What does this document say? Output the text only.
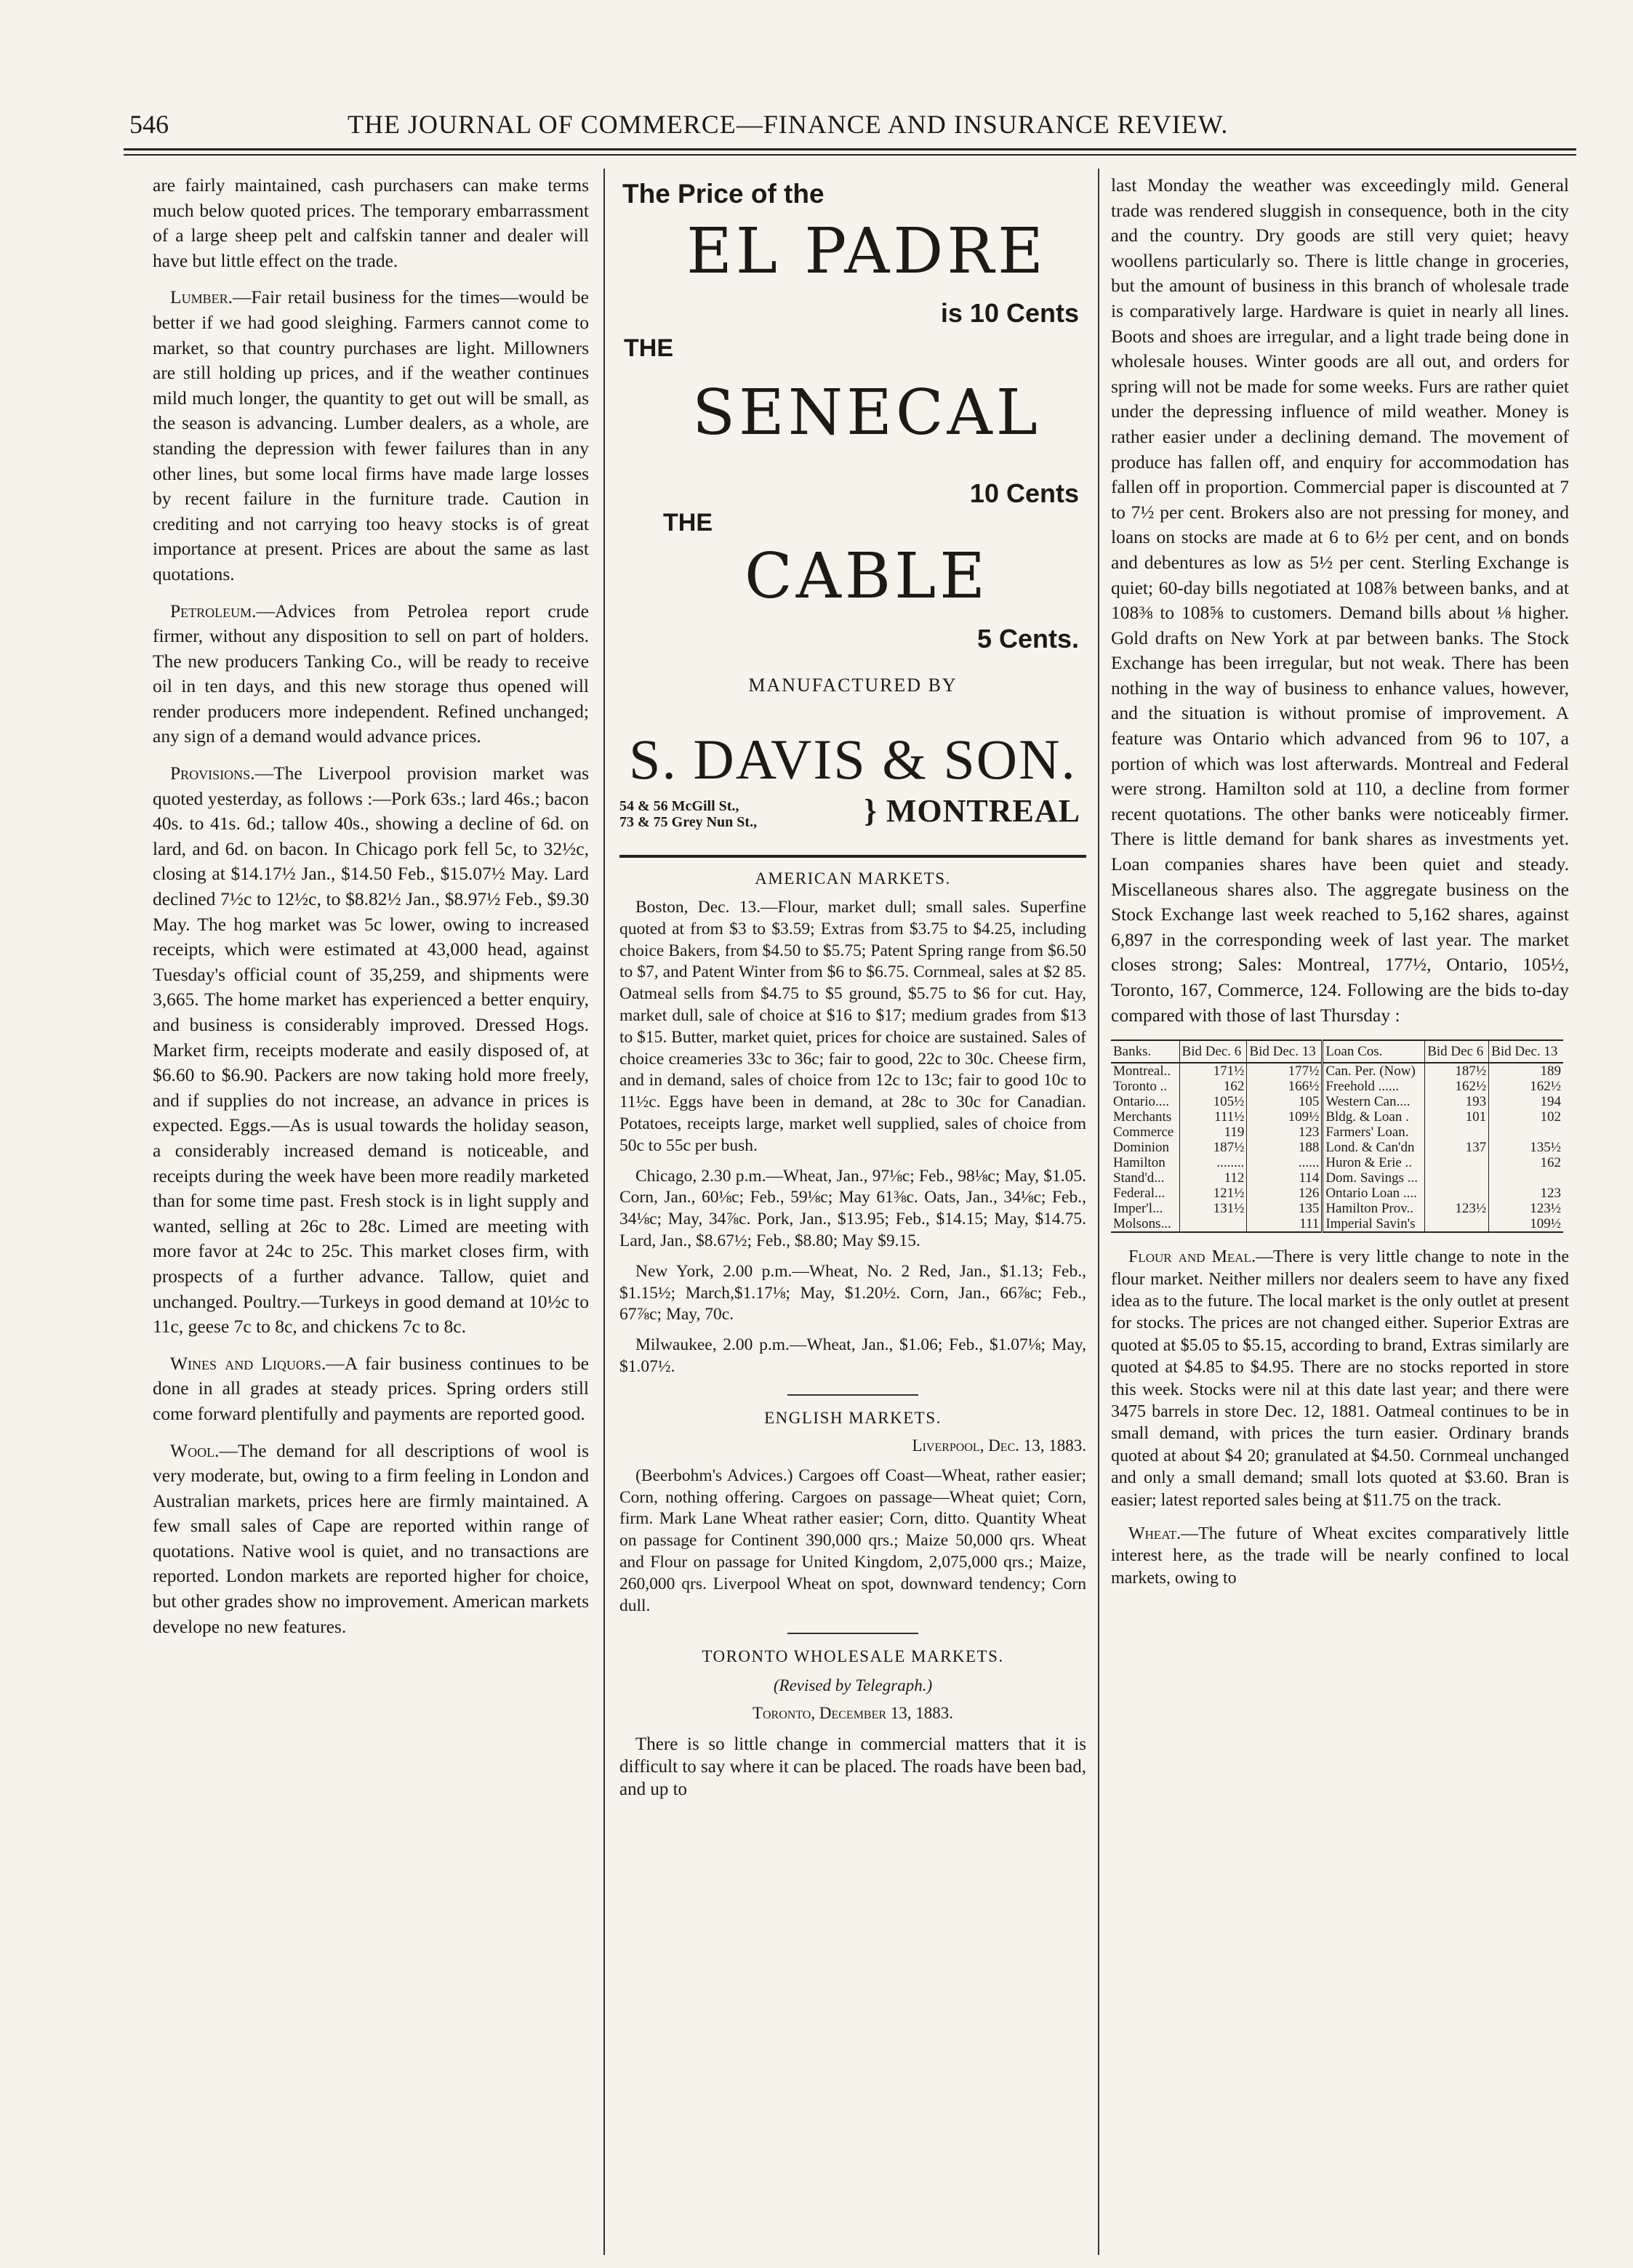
546	THE JOURNAL OF COMMERCE—FINANCE AND INSURANCE REVIEW.

are fairly maintained, cash purchasers can make terms much below quoted prices. The temporary embarrassment of a large sheep pelt and calfskin tanner and dealer will have but little effect on the trade.

Lumber.—Fair retail business for the times—would be better if we had good sleighing. Farmers cannot come to market, so that country purchases are light. Millowners are still holding up prices, and if the weather continues mild much longer, the quantity to get out will be small, as the season is advancing. Lumber dealers, as a whole, are standing the depression with fewer failures than in any other lines, but some local firms have made large losses by recent failure in the furniture trade. Caution in crediting and not carrying too heavy stocks is of great importance at present. Prices are about the same as last quotations.

Petroleum.—Advices from Petrolea report crude firmer, without any disposition to sell on part of holders. The new producers Tanking Co., will be ready to receive oil in ten days, and this new storage thus opened will render producers more independent. Refined unchanged; any sign of a demand would advance prices.

Provisions.—The Liverpool provision market was quoted yesterday, as follows :—Pork 63s.; lard 46s.; bacon 40s. to 41s. 6d.; tallow 40s., showing a decline of 6d. on lard, and 6d. on bacon. In Chicago pork fell 5c, to 32½c, closing at $14.17½ Jan., $14.50 Feb., $15.07½ May. Lard declined 7½c to 12½c, to $8.82½ Jan., $8.97½ Feb., $9.30 May. The hog market was 5c lower, owing to increased receipts, which were estimated at 43,000 head, against Tuesday's official count of 35,259, and shipments were 3,665. The home market has experienced a better enquiry, and business is considerably improved. Dressed Hogs. Market firm, receipts moderate and easily disposed of, at $6.60 to $6.90. Packers are now taking hold more freely, and if supplies do not increase, an advance in prices is expected. Eggs.—As is usual towards the holiday season, a considerably increased demand is noticeable, and receipts during the week have been more readily marketed than for some time past. Fresh stock is in light supply and wanted, selling at 26c to 28c. Limed are meeting with more favor at 24c to 25c. This market closes firm, with prospects of a further advance. Tallow, quiet and unchanged. Poultry.—Turkeys in good demand at 10½c to 11c, geese 7c to 8c, and chickens 7c to 8c.

Wines and Liquors.—A fair business continues to be done in all grades at steady prices. Spring orders still come forward plentifully and payments are reported good.

Wool.—The demand for all descriptions of wool is very moderate, but, owing to a firm feeling in London and Australian markets, prices here are firmly maintained. A few small sales of Cape are reported within range of quotations. Native wool is quiet, and no transactions are reported. London markets are reported higher for choice, but other grades show no improvement. American markets develope no new features.

The Price of the
EL PADRE
is 10 Cents
THE
SENECAL
10 Cents
THE
CABLE
5 Cents.
MANUFACTURED BY
S. DAVIS & SON.
54 & 56 McGill St.,
73 & 75 Grey Nun St.,	} MONTREAL
AMERICAN MARKETS.

Boston, Dec. 13.—Flour, market dull; small sales. Superfine quoted at from $3 to $3.59; Extras from $3.75 to $4.25, including choice Bakers, from $4.50 to $5.75; Patent Spring range from $6.50 to $7, and Patent Winter from $6 to $6.75. Cornmeal, sales at $2 85. Oatmeal sells from $4.75 to $5 ground, $5.75 to $6 for cut. Hay, market dull, sale of choice at $16 to $17; medium grades from $13 to $15. Butter, market quiet, prices for choice are sustained. Sales of choice creameries 33c to 36c; fair to good, 22c to 30c. Cheese firm, and in demand, sales of choice from 12c to 13c; fair to good 10c to 11½c. Eggs have been in demand, at 28c to 30c for Canadian. Potatoes, receipts large, market well supplied, sales of choice from 50c to 55c per bush.

Chicago, 2.30 p.m.—Wheat, Jan., 97⅛c; Feb., 98⅛c; May, $1.05. Corn, Jan., 60⅛c; Feb., 59⅛c; May 61⅜c. Oats, Jan., 34⅛c; Feb., 34⅛c; May, 34⅞c. Pork, Jan., $13.95; Feb., $14.15; May, $14.75. Lard, Jan., $8.67½; Feb., $8.80; May $9.15.

New York, 2.00 p.m.—Wheat, No. 2 Red, Jan., $1.13; Feb., $1.15½; March,$1.17⅛; May, $1.20½. Corn, Jan., 66⅞c; Feb., 67⅞c; May, 70c.

Milwaukee, 2.00 p.m.—Wheat, Jan., $1.06; Feb., $1.07⅛; May, $1.07½.

ENGLISH MARKETS.
Liverpool, Dec. 13, 1883.

(Beerbohm's Advices.) Cargoes off Coast—Wheat, rather easier; Corn, nothing offering. Cargoes on passage—Wheat quiet; Corn, firm. Mark Lane Wheat rather easier; Corn, ditto. Quantity Wheat on passage for Continent 390,000 qrs.; Maize 50,000 qrs. Wheat and Flour on passage for United Kingdom, 2,075,000 qrs.; Maize, 260,000 qrs. Liverpool Wheat on spot, downward tendency; Corn dull.

TORONTO WHOLESALE MARKETS.
(Revised by Telegraph.)
Toronto, December 13, 1883.

There is so little change in commercial matters that it is difficult to say where it can be placed. The roads have been bad, and up to

last Monday the weather was exceedingly mild. General trade was rendered sluggish in consequence, both in the city and the country. Dry goods are still very quiet; heavy woollens particularly so. There is little change in groceries, but the amount of business in this branch of wholesale trade is comparatively large. Hardware is quiet in nearly all lines. Boots and shoes are irregular, and a light trade being done in wholesale houses. Winter goods are all out, and orders for spring will not be made for some weeks. Furs are rather quiet under the depressing influence of mild weather. Money is rather easier under a declining demand. The movement of produce has fallen off, and enquiry for accommodation has fallen off in proportion. Commercial paper is discounted at 7 to 7½ per cent. Brokers also are not pressing for money, and loans on stocks are made at 6 to 6½ per cent, and on bonds and debentures as low as 5½ per cent. Sterling Exchange is quiet; 60-day bills negotiated at 108⅞ between banks, and at 108⅜ to 108⅝ to customers. Demand bills about ⅛ higher. Gold drafts on New York at par between banks. The Stock Exchange has been irregular, but not weak. There has been nothing in the way of business to enhance values, however, and the situation is without promise of improvement. A feature was Ontario which advanced from 96 to 107, a portion of which was lost afterwards. Montreal and Federal were strong. Hamilton sold at 110, a decline from former recent quotations. The other banks were noticeably firmer. There is little demand for bank shares as investments yet. Loan companies shares have been quiet and steady. Miscellaneous shares also. The aggregate business on the Stock Exchange last week reached to 5,162 shares, against 6,897 in the corresponding week of last year. The market closes strong; Sales: Montreal, 177½, Ontario, 105½, Toronto, 167, Commerce, 124. Following are the bids to-day compared with those of last Thursday :

Banks.	Bid Dec. 6	Bid Dec. 13	Loan Cos.	Bid Dec 6	Bid Dec. 13
Montreal..	171½	177½	Can. Per. (Now)	187½	189
Toronto ..	162	166½	Freehold ......	162½	162½
Ontario....	105½	105	Western Can....	193	194
Merchants	111½	109½	Bldg. & Loan .	101	102
Commerce	119	123	Farmers' Loan.		
Dominion	187½	188	Lond. & Can'dn	137	135½
Hamilton	........	......	Huron & Erie ..		162
Stand'd...	112	114	Dom. Savings ...		
Federal...	121½	126	Ontario Loan ....		123
Imper'l...	131½	135	Hamilton Prov..	123½	123½
Molsons...		111	Imperial Savin's		109½

Flour and Meal.—There is very little change to note in the flour market. Neither millers nor dealers seem to have any fixed idea as to the future. The local market is the only outlet at present for stocks. The prices are not changed either. Superior Extras are quoted at $5.05 to $5.15, according to brand, Extras similarly are quoted at $4.85 to $4.95. There are no stocks reported in store this week. Stocks were nil at this date last year; and there were 3475 barrels in store Dec. 12, 1881. Oatmeal continues to be in small demand, with prices the turn easier. Ordinary brands quoted at about $4 20; granulated at $4.50. Cornmeal unchanged and only a small demand; small lots quoted at $3.60. Bran is easier; latest reported sales being at $11.75 on the track.

Wheat.—The future of Wheat excites comparatively little interest here, as the trade will be nearly confined to local markets, owing to
